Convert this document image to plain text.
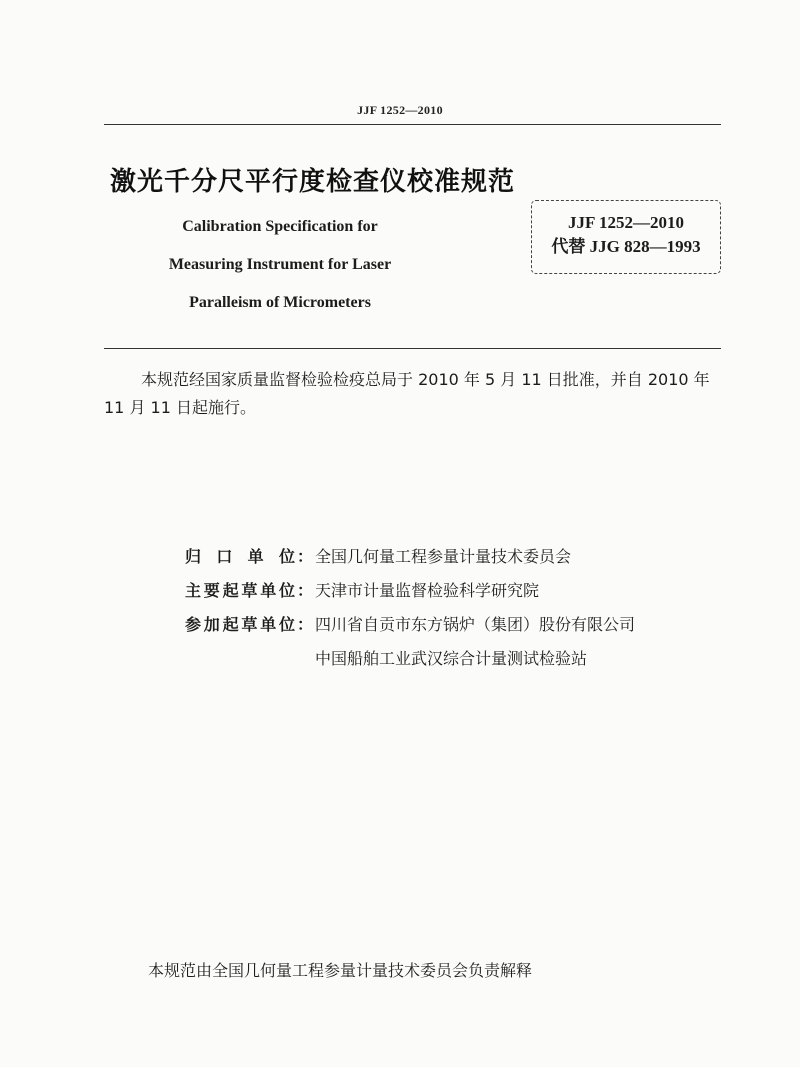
JJF 1252—2010
激光千分尺平行度检查仪校准规范
Calibration Specification for
Measuring Instrument for Laser
Paralleism of Micrometers
JJF 1252—2010
代替 JJG 828—1993
本规范经国家质量监督检验检疫总局于 2010 年 5 月 11 日批准，并自 2010 年 11 月 11 日起施行。
归口单位 ： 全国几何量工程参量计量技术委员会
主要起草单位 ： 天津市计量监督检验科学研究院
参加起草单位 ： 四川省自贡市东方锅炉（集团）股份有限公司
中国船舶工业武汉综合计量测试检验站
本规范由全国几何量工程参量计量技术委员会负责解释
